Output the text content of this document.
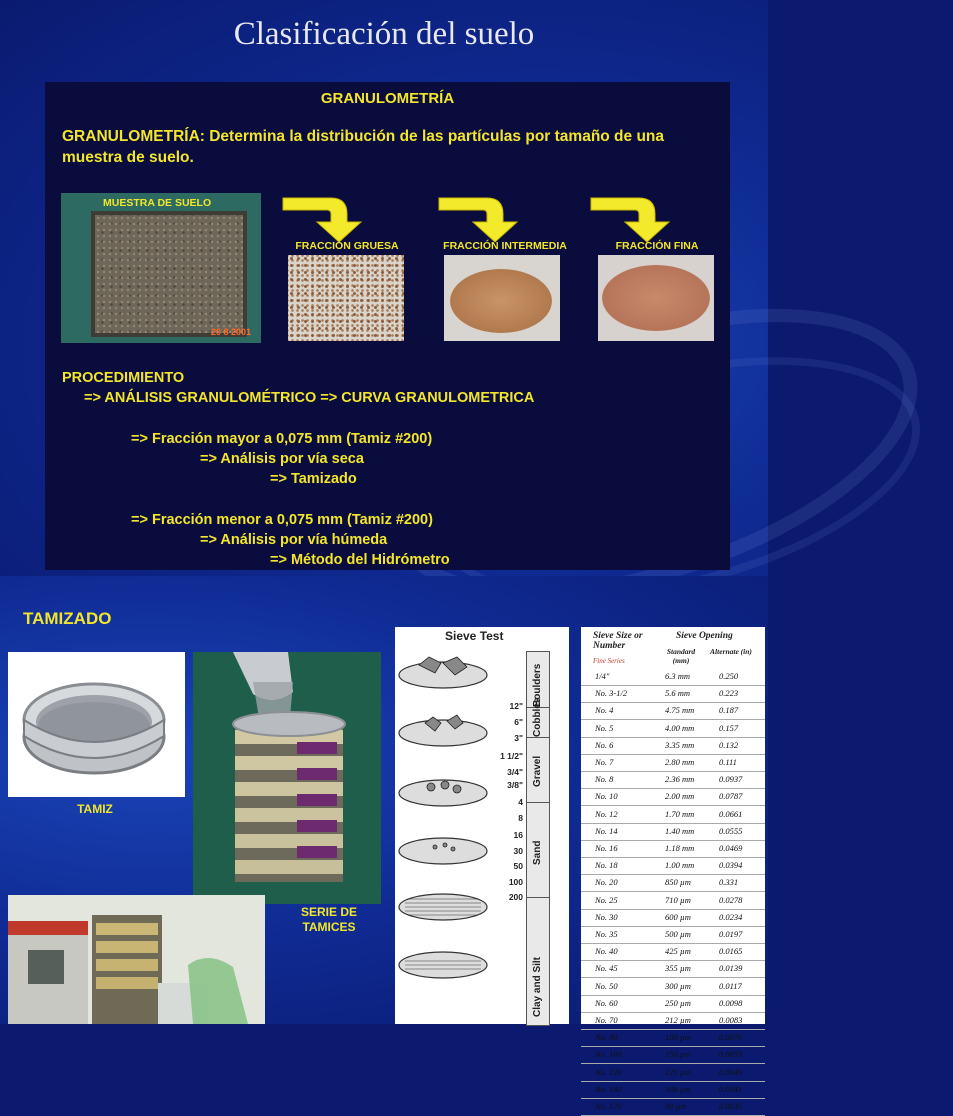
Clasificación del suelo
GRANULOMETRÍA
GRANULOMETRÍA: Determina la distribución de las partículas por tamaño de una muestra de suelo.
MUESTRA DE SUELO
20 8 2001
FRACCIÓN GRUESA	FRACCIÓN INTERMEDIA	FRACCIÓN FINA
PROCEDIMIENTO
=> ANÁLISIS GRANULOMÉTRICO => CURVA GRANULOMETRICA
=> Fracción mayor a 0,075 mm (Tamiz #200)
=> Análisis por vía seca
=> Tamizado
=> Fracción menor a 0,075 mm (Tamiz #200)
=> Análisis por vía húmeda
=> Método del Hidrómetro
TAMIZADO
TAMIZ
SERIE DE TAMICES
Sieve Test
12"
6"
3"
1 1/2"
3/4"
3/8"
4
8
16
30
50
100
200
Boulders
Cobbles
Gravel
Sand
Clay and Silt
Sieve Size or Number
Sieve Opening
Standard (mm)
Alternate (in)
Fine Series
1/4"	6.3 mm	0.250
No. 3-1/2	5.6 mm	0.223
No. 4	4.75 mm	0.187
No. 5	4.00 mm	0.157
No. 6	3.35 mm	0.132
No. 7	2.80 mm	0.111
No. 8	2.36 mm	0.0937
No. 10	2.00 mm	0.0787
No. 12	1.70 mm	0.0661
No. 14	1.40 mm	0.0555
No. 16	1.18 mm	0.0469
No. 18	1.00 mm	0.0394
No. 20	850 µm	0.331
No. 25	710 µm	0.0278
No. 30	600 µm	0.0234
No. 35	500 µm	0.0197
No. 40	425 µm	0.0165
No. 45	355 µm	0.0139
No. 50	300 µm	0.0117
No. 60	250 µm	0.0098
No. 70	212 µm	0.0083
No. 80	180 µm	0.0070
No. 100	150 µm	0.0059
No. 120	125 µm	0.0049
No. 140	106 µm	0.0041
No. 170	90 µm	0.0035
